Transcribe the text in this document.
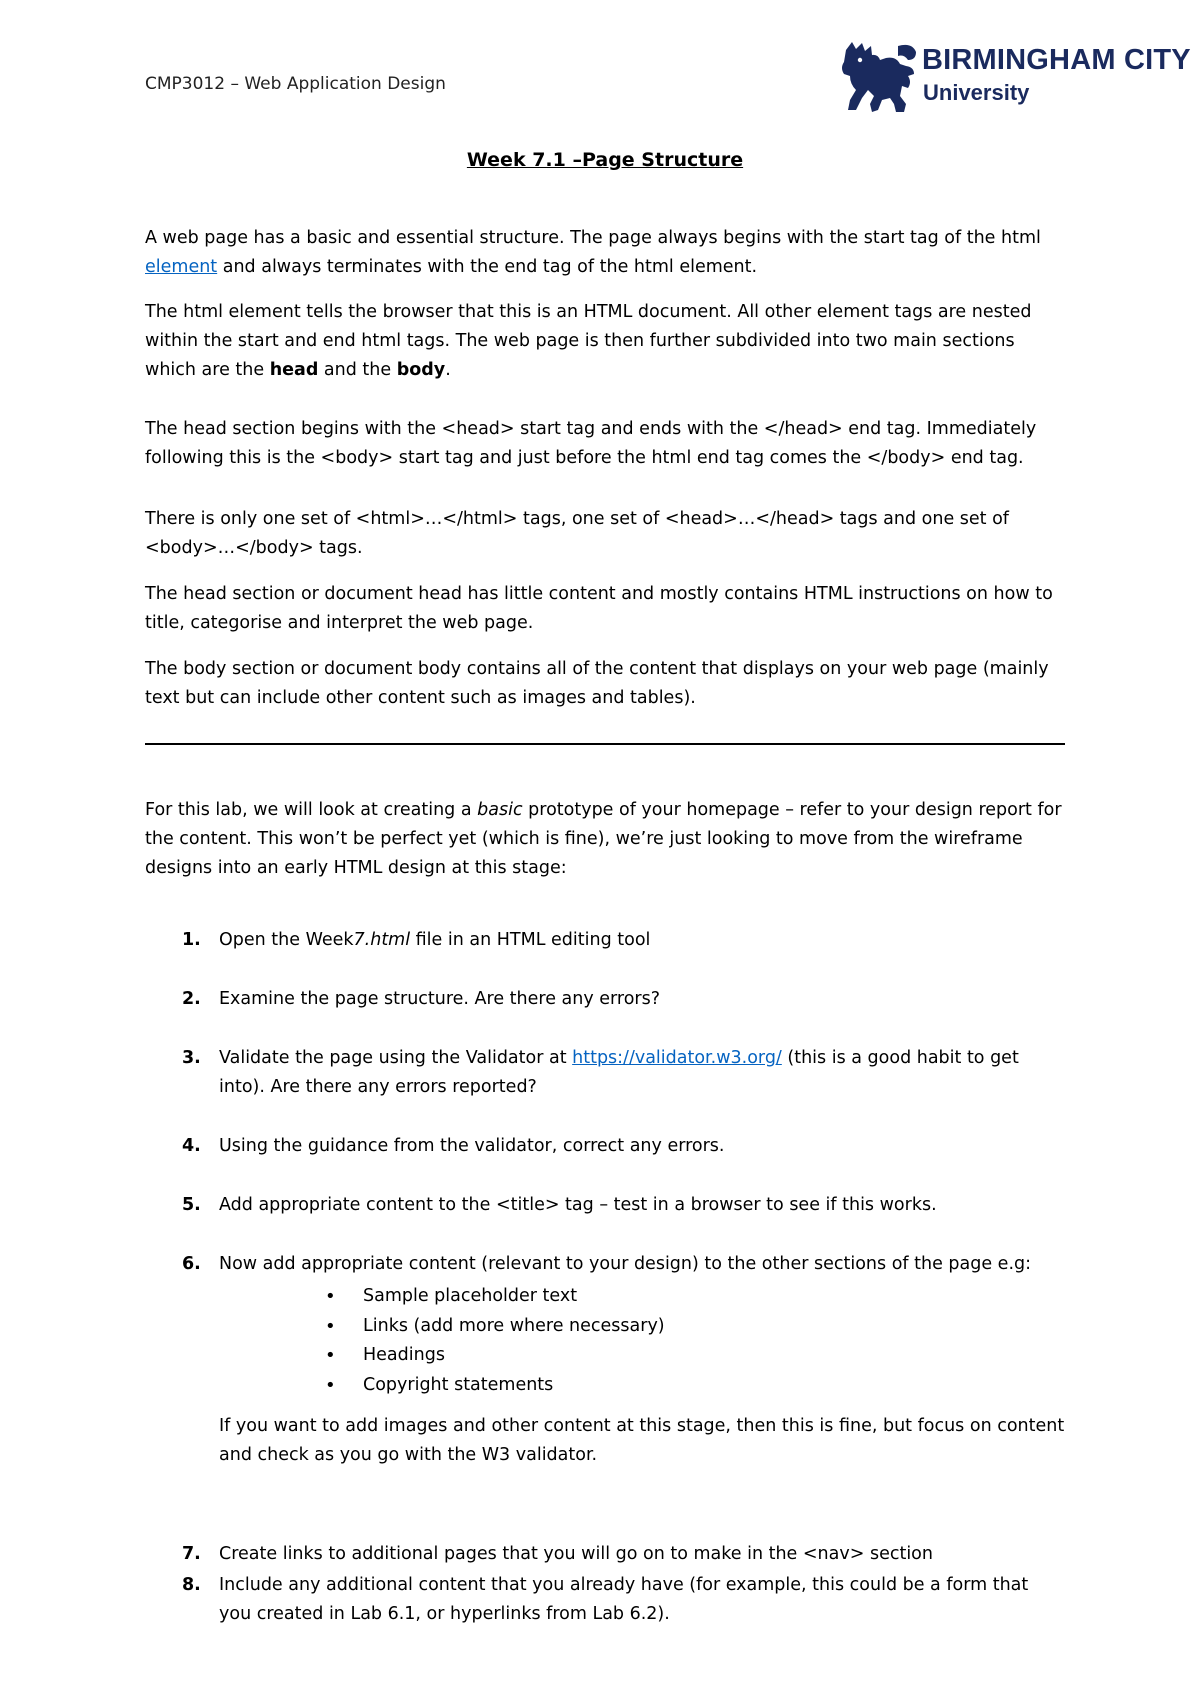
CMP3012 – Web Application Design
BIRMINGHAM CITY
University
Week 7.1 –Page Structure

A web page has a basic and essential structure. The page always begins with the start tag of the html element and always terminates with the end tag of the html element.

The html element tells the browser that this is an HTML document. All other element tags are nested within the start and end html tags. The web page is then further subdivided into two main sections which are the head and the body.

The head section begins with the <head> start tag and ends with the </head> end tag. Immediately following this is the <body> start tag and just before the html end tag comes the </body> end tag.

There is only one set of <html>…</html> tags, one set of <head>…</head> tags and one set of <body>…</body> tags.

The head section or document head has little content and mostly contains HTML instructions on how to title, categorise and interpret the web page.

The body section or document body contains all of the content that displays on your web page (mainly text but can include other content such as images and tables).

For this lab, we will look at creating a basic prototype of your homepage – refer to your design report for the content. This won’t be perfect yet (which is fine), we’re just looking to move from the wireframe designs into an early HTML design at this stage:

1. Open the Week7.html file in an HTML editing tool
2. Examine the page structure. Are there any errors?
3. Validate the page using the Validator at https://validator.w3.org/ (this is a good habit to get into). Are there any errors reported?
4. Using the guidance from the validator, correct any errors.
5. Add appropriate content to the <title> tag – test in a browser to see if this works.
6. Now add appropriate content (relevant to your design) to the other sections of the page e.g:
• Sample placeholder text
• Links (add more where necessary)
• Headings
• Copyright statements

If you want to add images and other content at this stage, then this is fine, but focus on content and check as you go with the W3 validator.

7. Create links to additional pages that you will go on to make in the <nav> section
8. Include any additional content that you already have (for example, this could be a form that you created in Lab 6.1, or hyperlinks from Lab 6.2).
